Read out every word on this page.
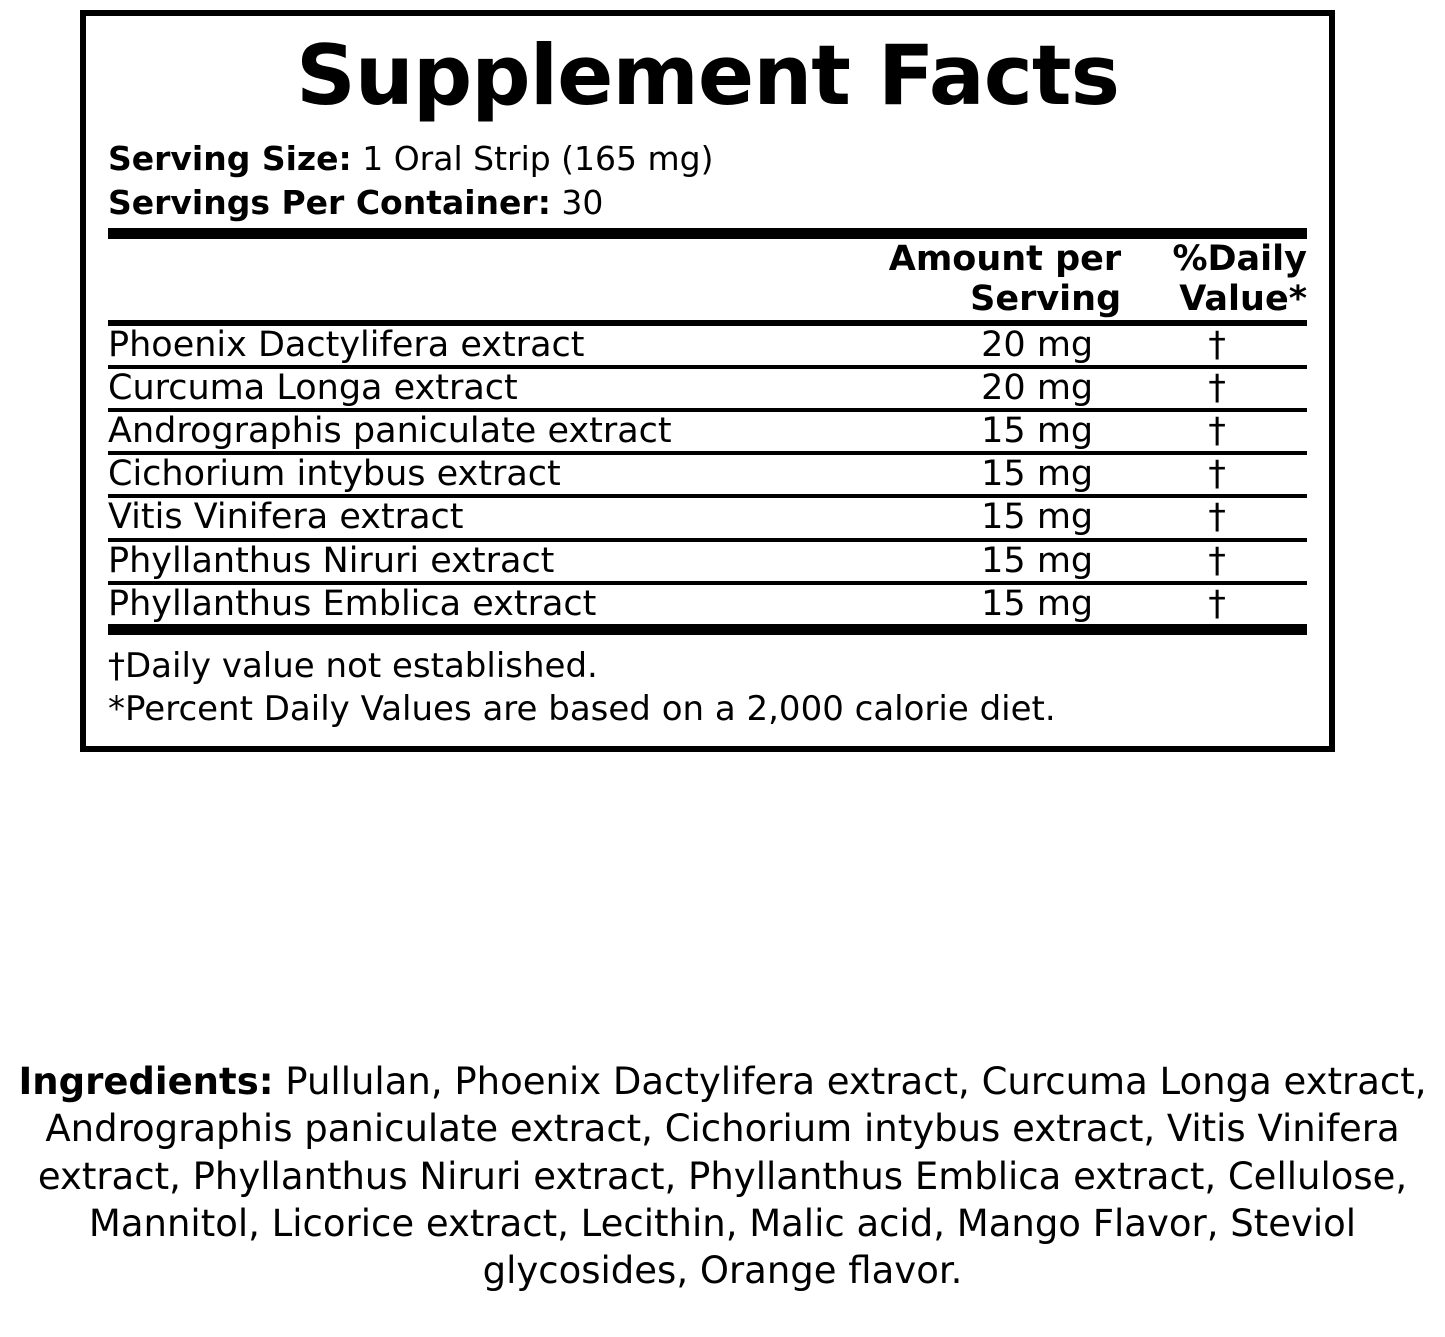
Supplement Facts
Serving Size: 1 Oral Strip (165 mg)
Servings Per Container: 30
	Amount per Serving	%Daily Value*
Phoenix Dactylifera extract	20 mg	†
Curcuma Longa extract	20 mg	†
Andrographis paniculate extract	15 mg	†
Cichorium intybus extract	15 mg	†
Vitis Vinifera extract	15 mg	†
Phyllanthus Niruri extract	15 mg	†
Phyllanthus Emblica extract	15 mg	†
†Daily value not established.
*Percent Daily Values are based on a 2,000 calorie diet.
Ingredients: Pullulan, Phoenix Dactylifera extract, Curcuma Longa extract, Andrographis paniculate extract, Cichorium intybus extract, Vitis Vinifera extract, Phyllanthus Niruri extract, Phyllanthus Emblica extract, Cellulose, Mannitol, Licorice extract, Lecithin, Malic acid, Mango Flavor, Steviol glycosides, Orange flavor.
